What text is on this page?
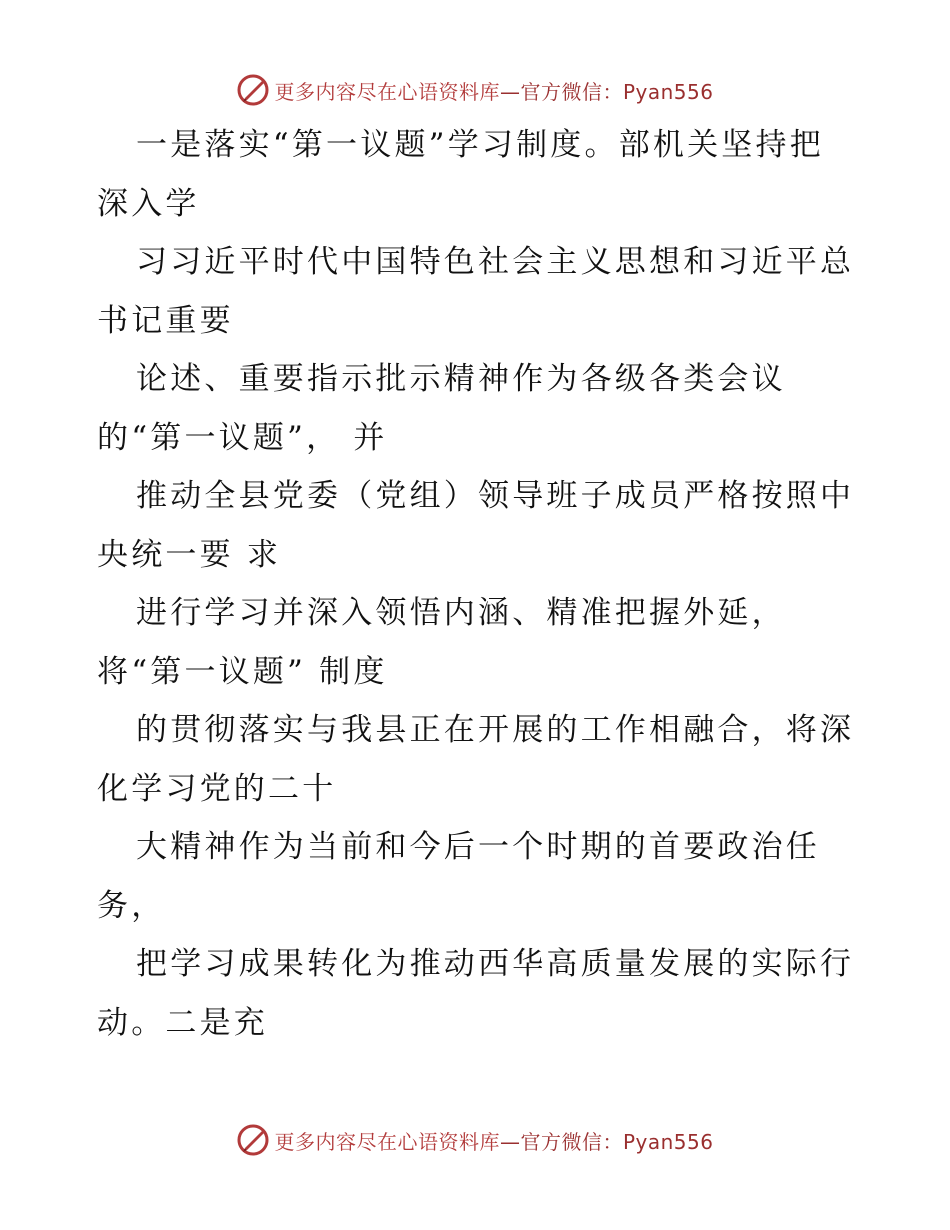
更多内容尽在心语资料库—官方微信：Pyan556
一是落实“第一议题”学习制度。部机关坚持把
深入学
习习近平时代中国特色社会主义思想和习近平总
书记重要
论述、重要指示批示精神作为各级各类会议
的“第一议题”， 并
推动全县党委（党组）领导班子成员严格按照中
央统一要 求
进行学习并深入领悟内涵、精准把握外延，
将“第一议题” 制度
的贯彻落实与我县正在开展的工作相融合，将深
化学习党的二十
大精神作为当前和今后一个时期的首要政治任
务，
把学习成果转化为推动西华高质量发展的实际行
动。二是充
更多内容尽在心语资料库—官方微信：Pyan556
